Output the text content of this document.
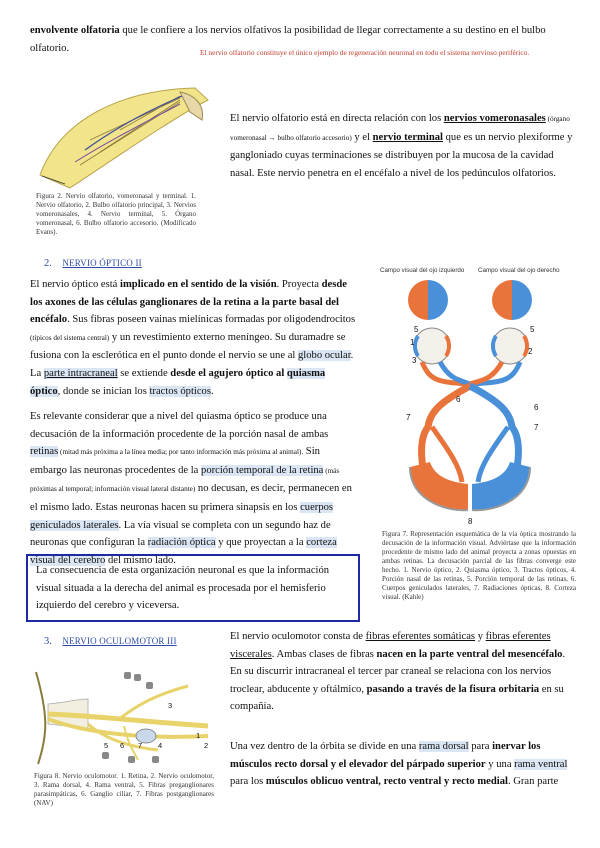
envolvente olfatoria que le confiere a los nervios olfativos la posibilidad de llegar correctamente a su destino en el bulbo
olfatorio.	El nervio olfatorio constituye el único ejemplo de regeneración neuronal en todo el sistema nervioso periférico.
Figura 2. Nervio olfatorio, vomeronasal y terminal. 1. Nervio olfatorio, 2. Bulbo olfatorio principal, 3. Nervios vomeronasales, 4. Nervio terminal, 5. Órgano vomeronasal, 6. Bulbo olfatorio accesorio. (Modificado Evans).
El nervio olfatorio está en directa relación con los nervios vomeronasales (órgano vomeronasal → bulbo olfatorio accesorio) y el nervio terminal que es un nervio plexiforme y gangloniado cuyas terminaciones se distribuyen por la mucosa de la cavidad nasal. Este nervio penetra en el encéfalo a nivel de los pedúnculos olfatorios.
2. NERVIO ÓPTICO II
El nervio óptico está implicado en el sentido de la visión. Proyecta desde los axones de las células ganglionares de la retina a la parte basal del encéfalo. Sus fibras poseen vainas mielínicas formadas por oligodendrocitos (típicos del sistema central) y un revestimiento externo meníngeo. Su duramadre se fusiona con la esclerótica en el punto donde el nervio se une al globo ocular. La parte intracraneal se extiende desde el agujero óptico al quiasma óptico, donde se inician los tractos ópticos.
Es relevante considerar que a nivel del quiasma óptico se produce una decusación de la información procedente de la porción nasal de ambas retinas (mitad más próxima a la línea media; por tanto información más próxima al animal). Sin embargo las neuronas procedentes de la porción temporal de la retina (más próximas al temporal; información visual lateral distante) no decusan, es decir, permanecen en el mismo lado. Estas neuronas hacen su primera sinapsis en los cuerpos geniculados laterales. La vía visual se completa con un segundo haz de neuronas que configuran la radiación óptica y que proyectan a la corteza visual del cerebro del mismo lado.
La consecuencia de esta organización neuronal es que la información visual situada a la derecha del animal es procesada por el hemisferio izquierdo del cerebro y viceversa.
Campo visual del ojo izquierdo Campo visual del ojo derecho
5
1
3
2
5
6
6
7
7
8
Figura 7. Representación esquemática de la vía óptica mostrando la decusación de la información visual. Adviértase que la información procedente de mismo lado del animal proyecta a zonas opuestas en ambas retinas. La decusación parcial de las fibras converge este hecho. 1. Nervio óptico, 2. Quiasma óptico, 3. Tractos ópticos, 4. Porción nasal de las retinas, 5. Porción temporal de las retinas, 6. Cuerpos geniculados laterales, 7. Radiaciones ópticas, 8. Corteza visual. (Kahle)
3. NERVIO OCULOMOTOR III
3
1
2
4
5 6 7
Figura 8. Nervio oculomotor. 1. Retina, 2. Nervio oculomotor, 3. Rama dorsal, 4. Rama ventral, 5. Fibras preganglionares parasimpáticas, 6. Ganglio ciliar, 7. Fibras postganglionares (NAV)
El nervio oculomotor consta de fibras eferentes somáticas y fibras eferentes viscerales. Ambas clases de fibras nacen en la parte ventral del mesencéfalo. En su discurrir intracraneal el tercer par craneal se relaciona con los nervios troclear, abducente y oftálmico, pasando a través de la fisura orbitaria en su compañía.
Una vez dentro de la órbita se divide en una rama dorsal para inervar los músculos recto dorsal y el elevador del párpado superior y una rama ventral para los músculos oblicuo ventral, recto ventral y recto medial. Gran parte
